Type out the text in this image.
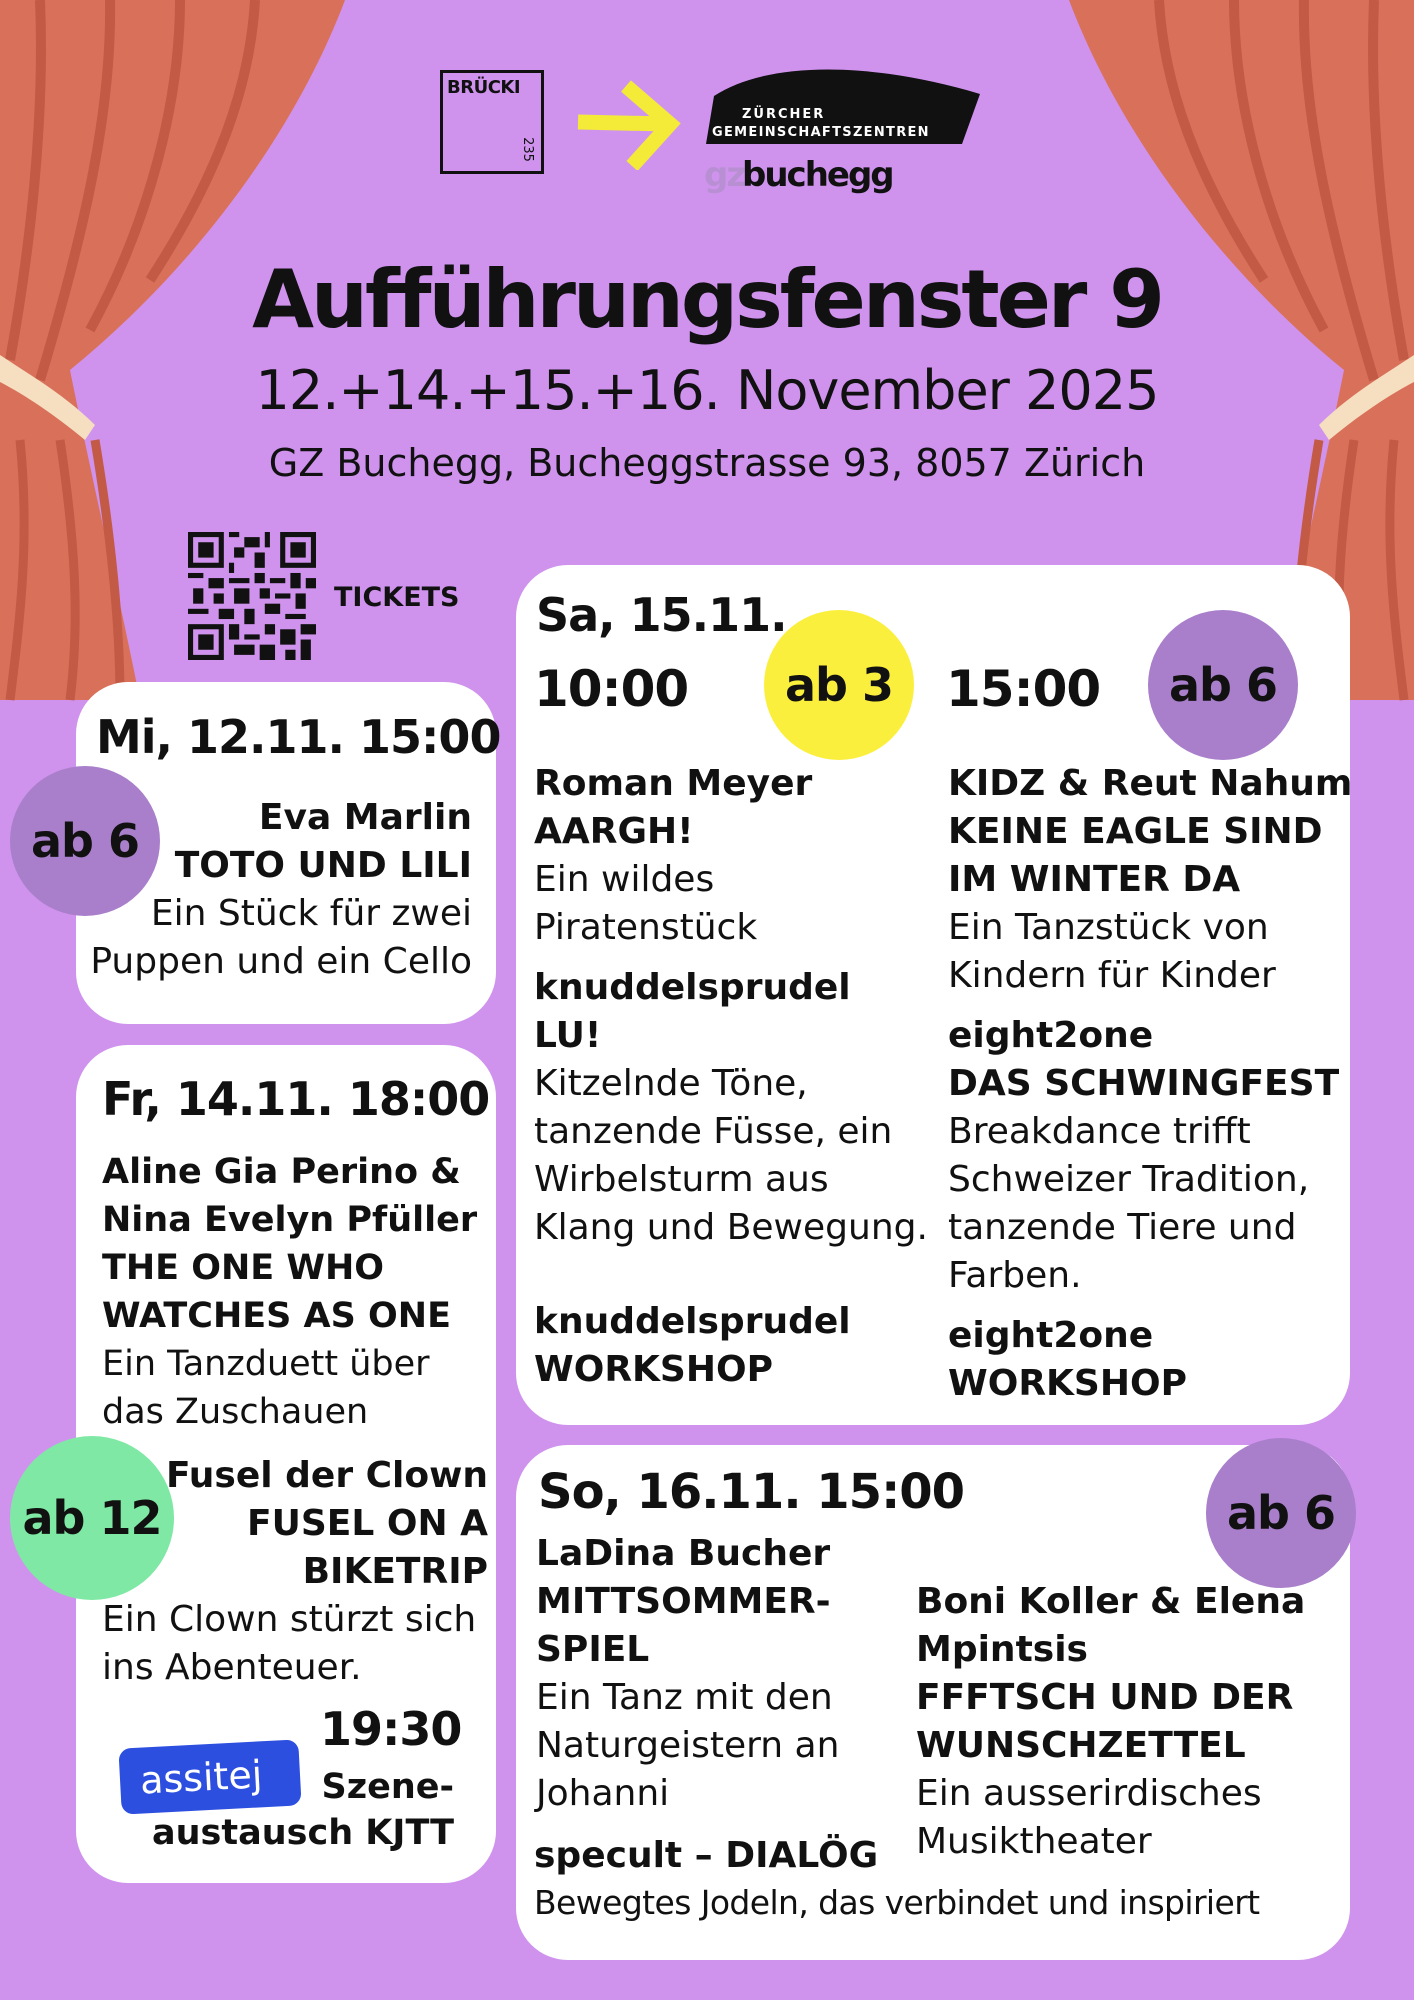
BRÜCKI
235
ZÜRCHER
GEMEINSCHAFTSZENTREN
gz
buchegg
Aufführungsfenster 9
12.+14.+15.+16. November 2025
GZ Buchegg, Bucheggstrasse 93, 8057 Zürich
TICKETS
Mi, 12.11. 15:00
ab 6	Eva Marlin
TOTO UND LILI
Ein Stück für zwei
Puppen und ein Cello
Fr, 14.11. 18:00
Aline Gia Perino &
Nina Evelyn Pfüller
THE ONE WHO
WATCHES AS ONE
Ein Tanzduett über
das Zuschauen
ab 12
Fusel der Clown
FUSEL ON A
BIKETRIP
Ein Clown stürzt sich
ins Abenteuer.
19:30
assitej	Szene-
austausch KJTT
Sa, 15.11.
10:00	ab 3	15:00	ab 6
Roman Meyer
AARGH!
Ein wildes
Piratenstück
knuddelsprudel
LU!
Kitzelnde Töne,
tanzende Füsse, ein
Wirbelsturm aus
Klang und Bewegung.
knuddelsprudel
WORKSHOP
KIDZ & Reut Nahum
KEINE EAGLE SIND
IM WINTER DA
Ein Tanzstück von
Kindern für Kinder
eight2one
DAS SCHWINGFEST
Breakdance trifft
Schweizer Tradition,
tanzende Tiere und
Farben.
eight2one
WORKSHOP
So, 16.11. 15:00	ab 6
LaDina Bucher
MITTSOMMER-
SPIEL
Ein Tanz mit den
Naturgeistern an
Johanni
Boni Koller & Elena
Mpintsis
FFFTSCH UND DER
WUNSCHZETTEL
Ein ausserirdisches
Musiktheater
specult – DIALÖG
Bewegtes Jodeln, das verbindet und inspiriert
